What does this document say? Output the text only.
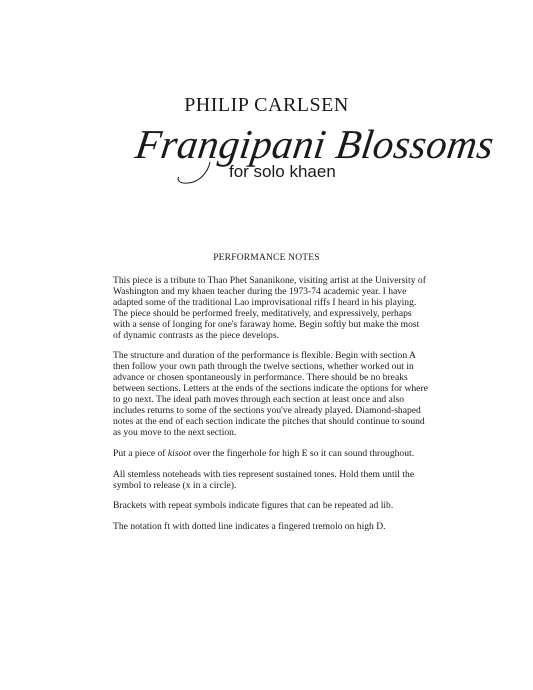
PHILIP CARLSEN
Frangipani Blossoms
for solo khaen
PERFORMANCE NOTES

This piece is a tribute to Thao Phet Sananikone, visiting artist at the University of Washington and my khaen teacher during the 1973-74 academic year. I have adapted some of the traditional Lao improvisational riffs I heard in his playing. The piece should be performed freely, meditatively, and expressively, perhaps with a sense of longing for one's faraway home. Begin softly but make the most of dynamic contrasts as the piece develops.

The structure and duration of the performance is flexible. Begin with section A then follow your own path through the twelve sections, whether worked out in advance or chosen spontaneously in performance. There should be no breaks between sections. Letters at the ends of the sections indicate the options for where to go next. The ideal path moves through each section at least once and also includes returns to some of the sections you've already played. Diamond-shaped notes at the end of each section indicate the pitches that should continue to sound as you move to the next section.

Put a piece of kisoot over the fingerhole for high E so it can sound throughout.

All stemless noteheads with ties represent sustained tones. Hold them until the symbol to release (x in a circle).

Brackets with repeat symbols indicate figures that can be repeated ad lib.

The notation ft with dotted line indicates a fingered tremolo on high D.
